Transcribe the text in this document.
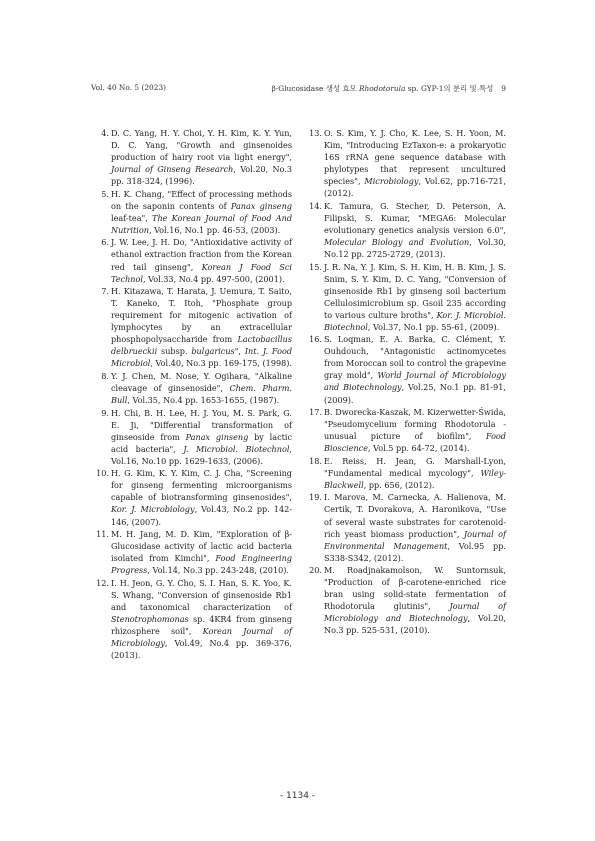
Vol. 40 No. 5 (2023)	β-Glucosidase 생성 효모 Rhodotorula sp. GYP-1의 분리 및 특성 9
4. D. C. Yang, H. Y. Choi, Y. H. Kim, K. Y. Yun, D. C. Yang, "Growth and ginsenoides production of hairy root via light energy", Journal of Ginseng Research, Vol.20, No.3 pp. 318-324, (1996).
5. H. K. Chang, "Effect of processing methods on the saponin contents of Panax ginseng leaf-tea", The Korean Journal of Food And Nutrition, Vol.16, No.1 pp. 46-53, (2003).
6. J. W. Lee, J. H. Do, "Antioxidative activity of ethanol extraction fraction from the Korean red tail ginseng", Korean J Food Sci Technol, Vol.33, No.4 pp. 497-500, (2001).
7. H. Kitazawa, T. Harata, J. Uemura, T. Saito, T. Kaneko, T. Itoh, "Phosphate group requirement for mitogenic activation of lymphocytes by an extracellular phosphopolysaccharide from Lactobacillus delbrueckii subsp. bulgaricus", Int. J. Food Microbiol, Vol.40, No.3 pp. 169-175, (1998).
8. Y. J. Chen, M. Nose, Y. Ogihara, "Alkaline cleavage of ginsenoside", Chem. Pharm. Bull, Vol.35, No.4 pp. 1653-1655, (1987).
9. H. Chi, B. H. Lee, H. J. You, M. S. Park, G. E. Ji, "Differential transformation of ginseoside from Panax ginseng by lactic acid bacteria", J. Microbiol. Biotechnol, Vol.16, No.10 pp. 1629-1633, (2006).
10. H. G. Kim, K. Y. Kim, C. J. Cha, "Screening for ginseng fermenting microorganisms capable of biotransforming ginsenosides", Kor. J. Microbiology, Vol.43, No.2 pp. 142-146, (2007).
11. M. H. Jang, M. D. Kim, "Exploration of β-Glucosidase activity of lactic acid bacteria isolated from Kimchi", Food Engineering Progress, Vol.14, No.3 pp. 243-248, (2010).
12. I. H. Jeon, G. Y. Cho, S. I. Han, S. K. Yoo, K. S. Whang, "Conversion of ginsenoside Rb1 and taxonomical characterization of Stenotrophomonas sp. 4KR4 from ginseng rhizosphere soil", Korean Journal of Microbiology, Vol.49, No.4 pp. 369-376, (2013).
13. O. S. Kim, Y. J. Cho, K. Lee, S. H. Yoon, M. Kim, "Introducing EzTaxon-e: a prokaryotic 16S rRNA gene sequence database with phylotypes that represent uncultured species", Microbiology, Vol.62, pp.716-721, (2012).
14. K. Tamura, G. Stecher, D. Peterson, A. Filipski, S. Kumar, "MEGA6: Molecular evolutionary genetics analysis version 6.0", Molecular Biology and Evolution, Vol.30, No.12 pp. 2725-2729, (2013).
15. J. R. Na, Y. J. Kim, S. H. Kim, H. B. Kim, J. S. Snim, S. Y. Kim, D. C. Yang, "Conversion of ginsenoside Rb1 by ginseng soil bacterium Cellulosimicrobium sp. Gsoil 235 according to various culture broths", Kor. J. Microbiol. Biotechnol, Vol.37, No.1 pp. 55-61, (2009).
16. S. Loqman, E. A. Barka, C. Clément, Y. Ouhdouch, "Antagonistic actinomycetes from Moroccan soil to control the grapevine gray mold", World Journal of Microbiology and Biotechnology, Vol.25, No.1 pp. 81-91, (2009).
17. B. Dworecka-Kaszak, M. Kizerwetter-Świda, "Pseudomycelium forming Rhodotorula - unusual picture of biofilm", Food Bioscience, Vol.5 pp. 64-72, (2014).
18. E. Reiss, H. Jean, G. Marshall-Lyon, "Fundamental medical mycology", Wiley-Blackwell, pp. 656, (2012).
19. I. Marova, M. Carnecka, A. Halienova, M. Certik, T. Dvorakova, A. Haronikova, "Use of several waste substrates for carotenoid-rich yeast biomass production", Journal of Environmental Management, Vol.95 pp. S338-S342, (2012).
20. M. Roadjnakamolson, W. Suntornsuk, "Production of β-carotene-enriched rice bran using solid-state fermentation of Rhodotorula glutinis", Journal of Microbiology and Biotechnology, Vol.20, No.3 pp. 525-531, (2010).
- 1134 -
